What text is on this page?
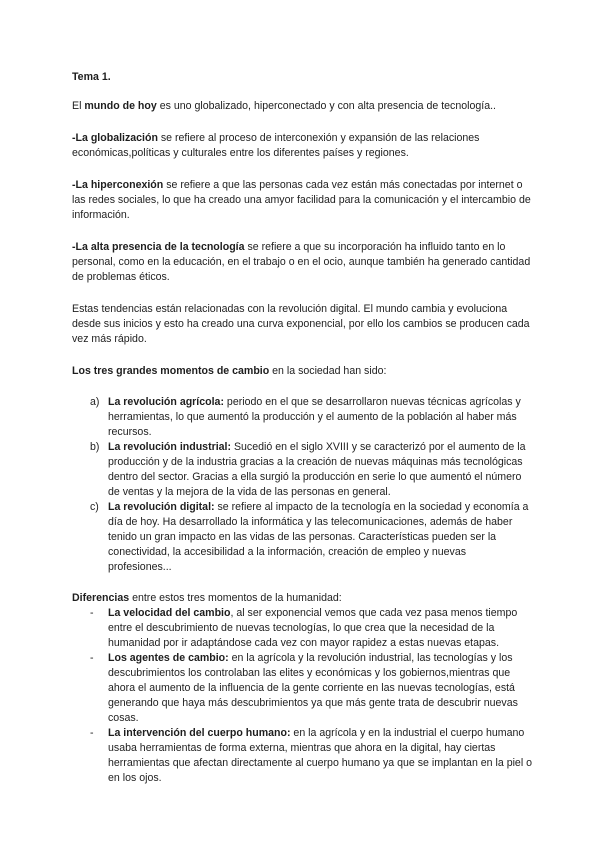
Tema 1.

El mundo de hoy es uno globalizado, hiperconectado y con alta presencia de tecnología..

-La globalización se refiere al proceso de interconexión y expansión de las relaciones económicas,políticas y culturales entre los diferentes países y regiones.

-La hiperconexión se refiere a que las personas cada vez están más conectadas por internet o las redes sociales, lo que ha creado una amyor facilidad para la comunicación y el intercambio de información.

-La alta presencia de la tecnología se refiere a que su incorporación ha influido tanto en lo personal, como en la educación, en el trabajo o en el ocio, aunque también ha generado cantidad de problemas éticos.

Estas tendencias están relacionadas con la revolución digital. El mundo cambia y evoluciona desde sus inicios y esto ha creado una curva exponencial, por ello los cambios se producen cada vez más rápido.

Los tres grandes momentos de cambio en la sociedad han sido:

a) La revolución agrícola: periodo en el que se desarrollaron nuevas técnicas agrícolas y herramientas, lo que aumentó la producción y el aumento de la población al haber más recursos.
b) La revolución industrial: Sucedió en el siglo XVIII y se caracterizó por el aumento de la producción y de la industria gracias a la creación de nuevas máquinas más tecnológicas dentro del sector. Gracias a ella surgió la producción en serie lo que aumentó el número de ventas y la mejora de la vida de las personas en general.
c) La revolución digital: se refiere al impacto de la tecnología en la sociedad y economía a día de hoy. Ha desarrollado la informática y las telecomunicaciones, además de haber tenido un gran impacto en las vidas de las personas. Características pueden ser la conectividad, la accesibilidad a la información, creación de empleo y nuevas profesiones...

Diferencias entre estos tres momentos de la humanidad:

- La velocidad del cambio, al ser exponencial vemos que cada vez pasa menos tiempo entre el descubrimiento de nuevas tecnologías, lo que crea que la necesidad de la humanidad por ir adaptándose cada vez con mayor rapidez a estas nuevas etapas.
- Los agentes de cambio: en la agrícola y la revolución industrial, las tecnologías y los descubrimientos los controlaban las elites y económicas y los gobiernos,mientras que ahora el aumento de la influencia de la gente corriente en las nuevas tecnologías, está generando que haya más descubrimientos ya que más gente trata de descubrir nuevas cosas.
- La intervención del cuerpo humano: en la agrícola y en la industrial el cuerpo humano usaba herramientas de forma externa, mientras que ahora en la digital, hay ciertas herramientas que afectan directamente al cuerpo humano ya que se implantan en la piel o en los ojos.
